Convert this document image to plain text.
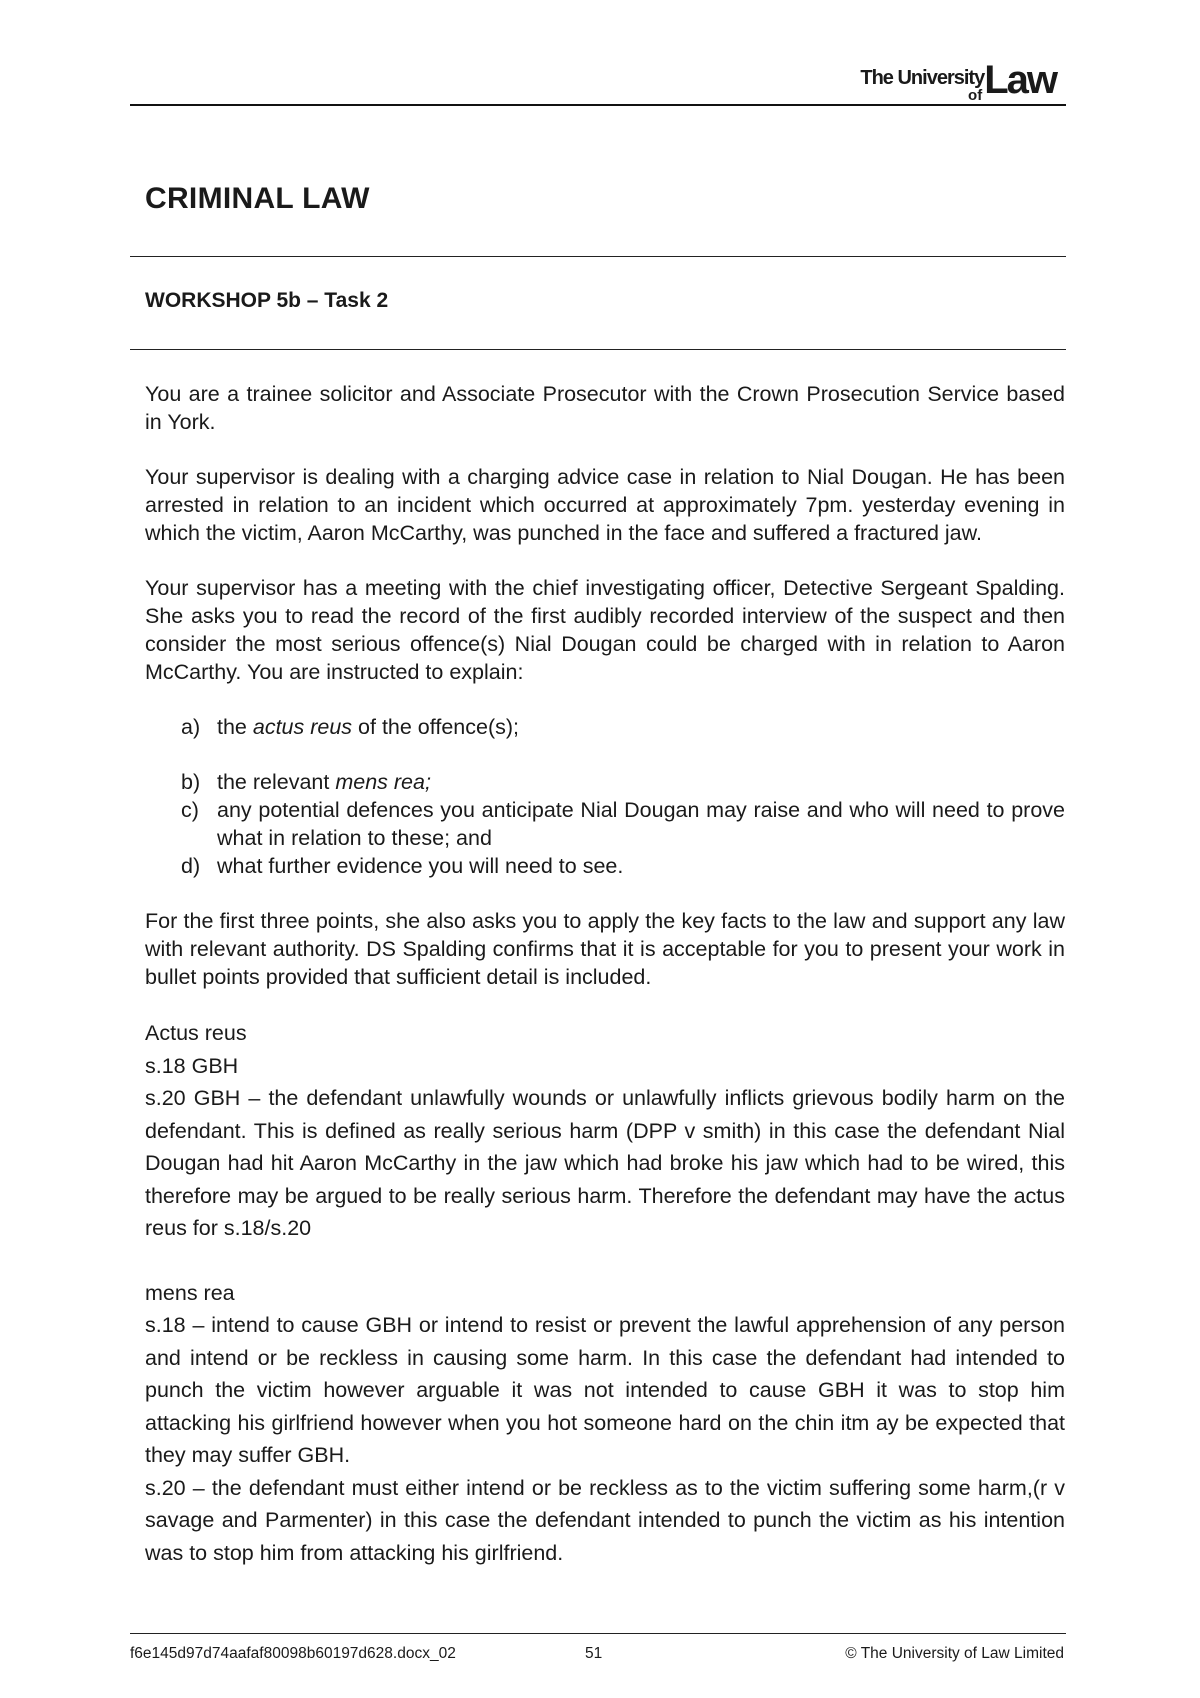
The University
of Law
CRIMINAL LAW
WORKSHOP 5b – Task 2

You are a trainee solicitor and Associate Prosecutor with the Crown Prosecution Service based in York.

Your supervisor is dealing with a charging advice case in relation to Nial Dougan. He has been arrested in relation to an incident which occurred at approximately 7pm. yesterday evening in which the victim, Aaron McCarthy, was punched in the face and suffered a fractured jaw.

Your supervisor has a meeting with the chief investigating officer, Detective Sergeant Spalding. She asks you to read the record of the first audibly recorded interview of the suspect and then consider the most serious offence(s) Nial Dougan could be charged with in relation to Aaron McCarthy. You are instructed to explain:

a) the actus reus of the offence(s);
b) the relevant mens rea;
c) any potential defences you anticipate Nial Dougan may raise and who will need to prove what in relation to these; and
d) what further evidence you will need to see.

For the first three points, she also asks you to apply the key facts to the law and support any law with relevant authority. DS Spalding confirms that it is acceptable for you to present your work in bullet points provided that sufficient detail is included.

Actus reus
s.18 GBH
s.20 GBH – the defendant unlawfully wounds or unlawfully inflicts grievous bodily harm on the defendant. This is defined as really serious harm (DPP v smith) in this case the defendant Nial Dougan had hit Aaron McCarthy in the jaw which had broke his jaw which had to be wired, this therefore may be argued to be really serious harm. Therefore the defendant may have the actus reus for s.18/s.20
mens rea
s.18 – intend to cause GBH or intend to resist or prevent the lawful apprehension of any person and intend or be reckless in causing some harm. In this case the defendant had intended to punch the victim however arguable it was not intended to cause GBH it was to stop him attacking his girlfriend however when you hot someone hard on the chin itm ay be expected that they may suffer GBH.
s.20 – the defendant must either intend or be reckless as to the victim suffering some harm,(r v savage and Parmenter) in this case the defendant intended to punch the victim as his intention was to stop him from attacking his girlfriend.
f6e145d97d74aafaf80098b60197d628.docx_02	51	© The University of Law Limited
